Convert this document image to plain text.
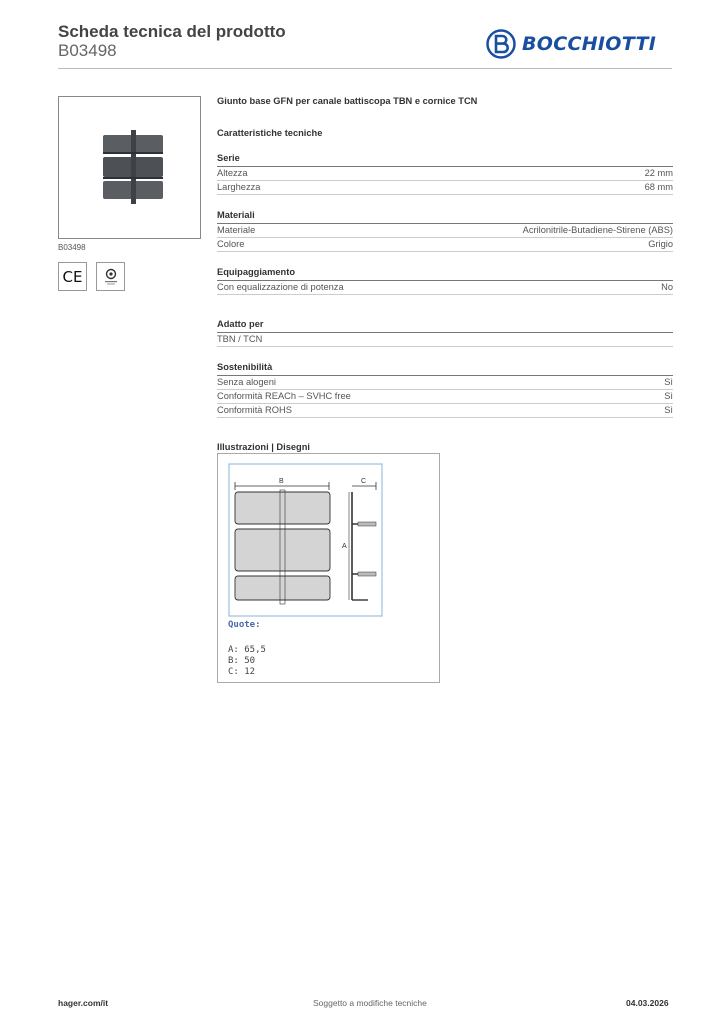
Scheda tecnica del prodotto
B03498	BOCCHIOTTI
B03498
CE
Giunto base GFN per canale battiscopa TBN e cornice TCN
Caratteristiche tecniche
Serie
Altezza	22 mm
Larghezza	68 mm
Materiali
Materiale	Acrilonitrile-Butadiene-Stirene (ABS)
Colore	Grigio
Equipaggiamento
Con equalizzazione di potenza	No
Adatto per
TBN / TCN
Sostenibilità
Senza alogeni	Sì
Conformità REACh – SVHC free	Sì
Conformità ROHS	Sì
Illustrazioni | Disegni
B
A
C
Quote:
A: 65,5
B: 50
C: 12
hager.com/it	Soggetto a modifiche tecniche	04.03.2026
